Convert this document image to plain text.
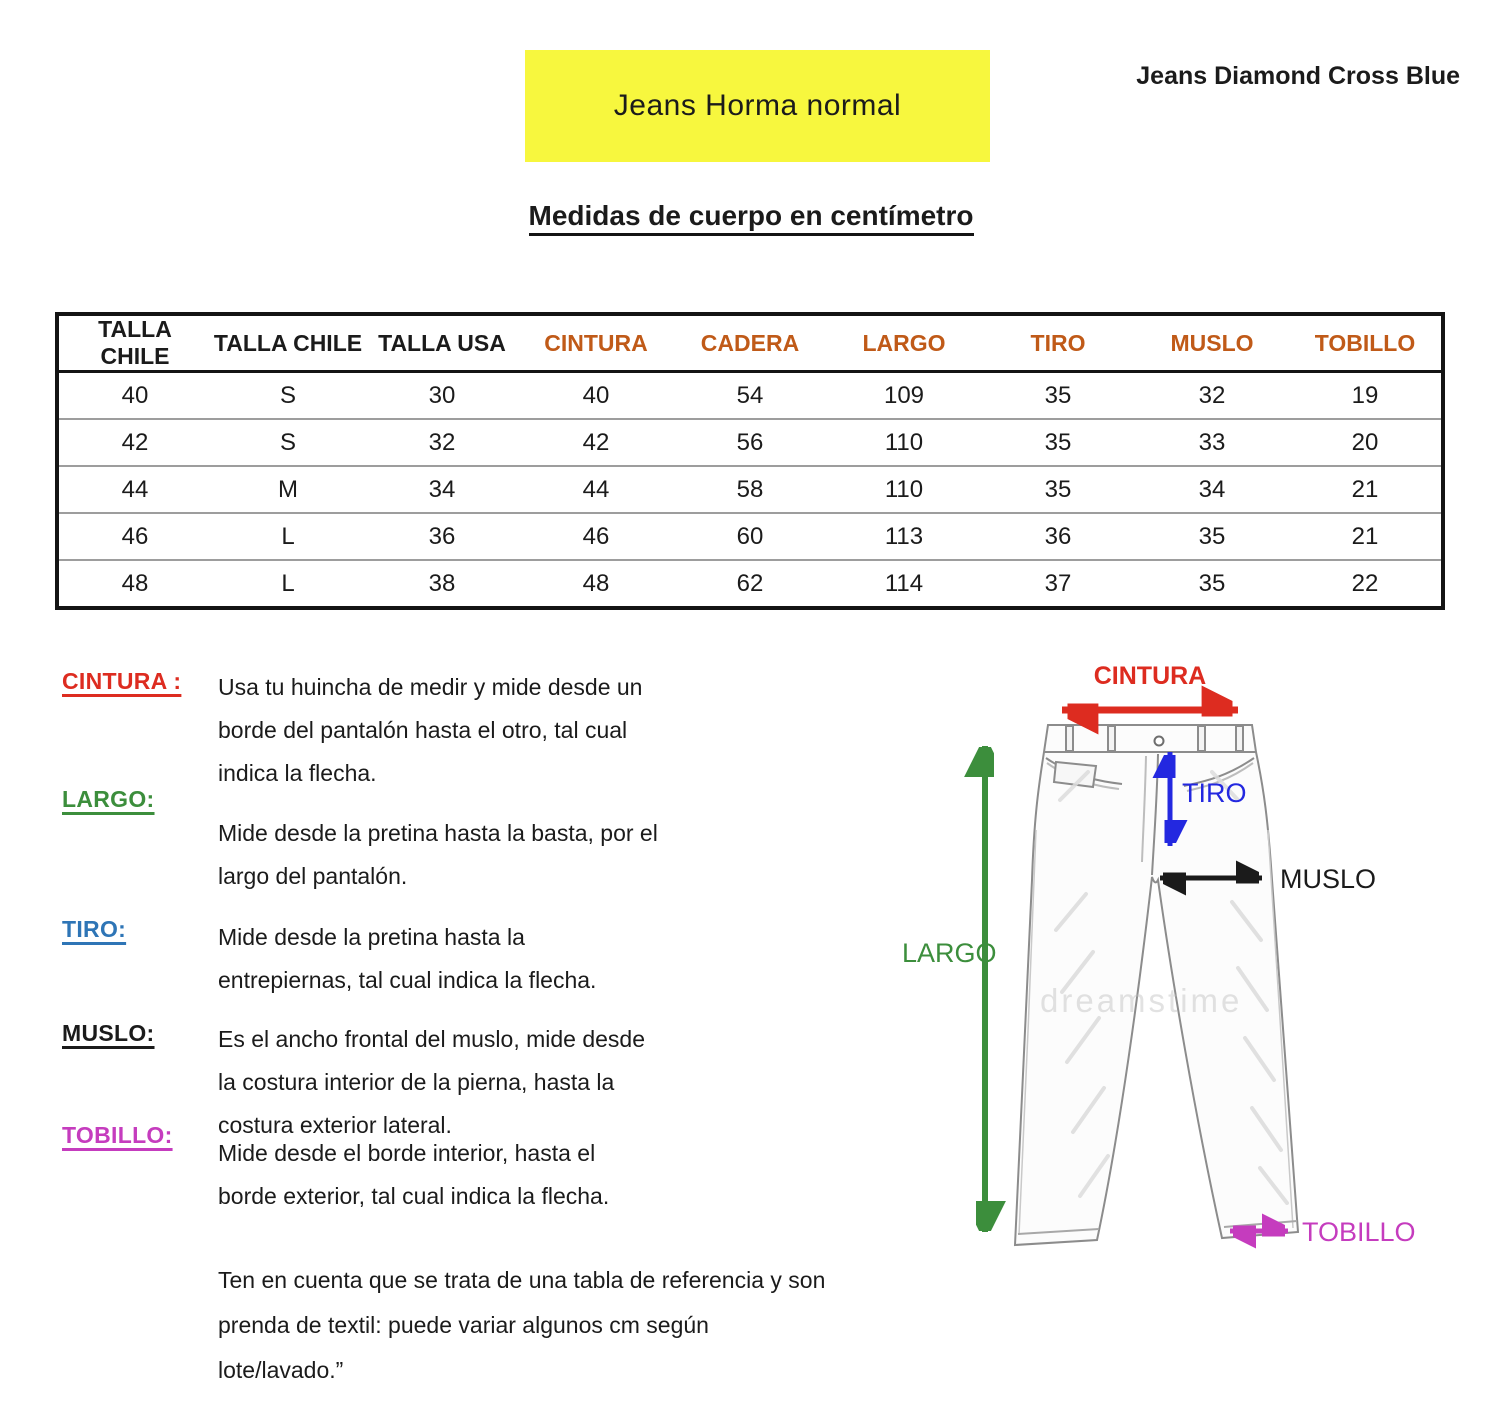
Jeans Horma normal
Jeans Diamond Cross Blue
Medidas de cuerpo en centímetro
TALLA CHILE	TALLA CHILE	TALLA USA	CINTURA	CADERA	LARGO	TIRO	MUSLO	TOBILLO
40	S	30	40	54	109	35	32	19
42	S	32	42	56	110	35	33	20
44	M	34	44	58	110	35	34	21
46	L	36	46	60	113	36	35	21
48	L	38	48	62	114	37	35	22
CINTURA : Usa tu huincha de medir y mide desde un
borde del pantalón hasta el otro, tal cual
indica la flecha.
LARGO:
Mide desde la pretina hasta la basta, por el
largo del pantalón.
TIRO:	Mide desde la pretina hasta la
entrepiernas, tal cual indica la flecha.
MUSLO:	Es el ancho frontal del muslo, mide desde
la costura interior de la pierna, hasta la
costura exterior lateral.
TOBILLO:
Mide desde el borde interior, hasta el
borde exterior, tal cual indica la flecha.
Ten en cuenta que se trata de una tabla de referencia y son
prenda de textil: puede variar algunos cm según
lote/lavado.”
dreamstime
CINTURA
LARGO
TIRO
MUSLO
TOBILLO
